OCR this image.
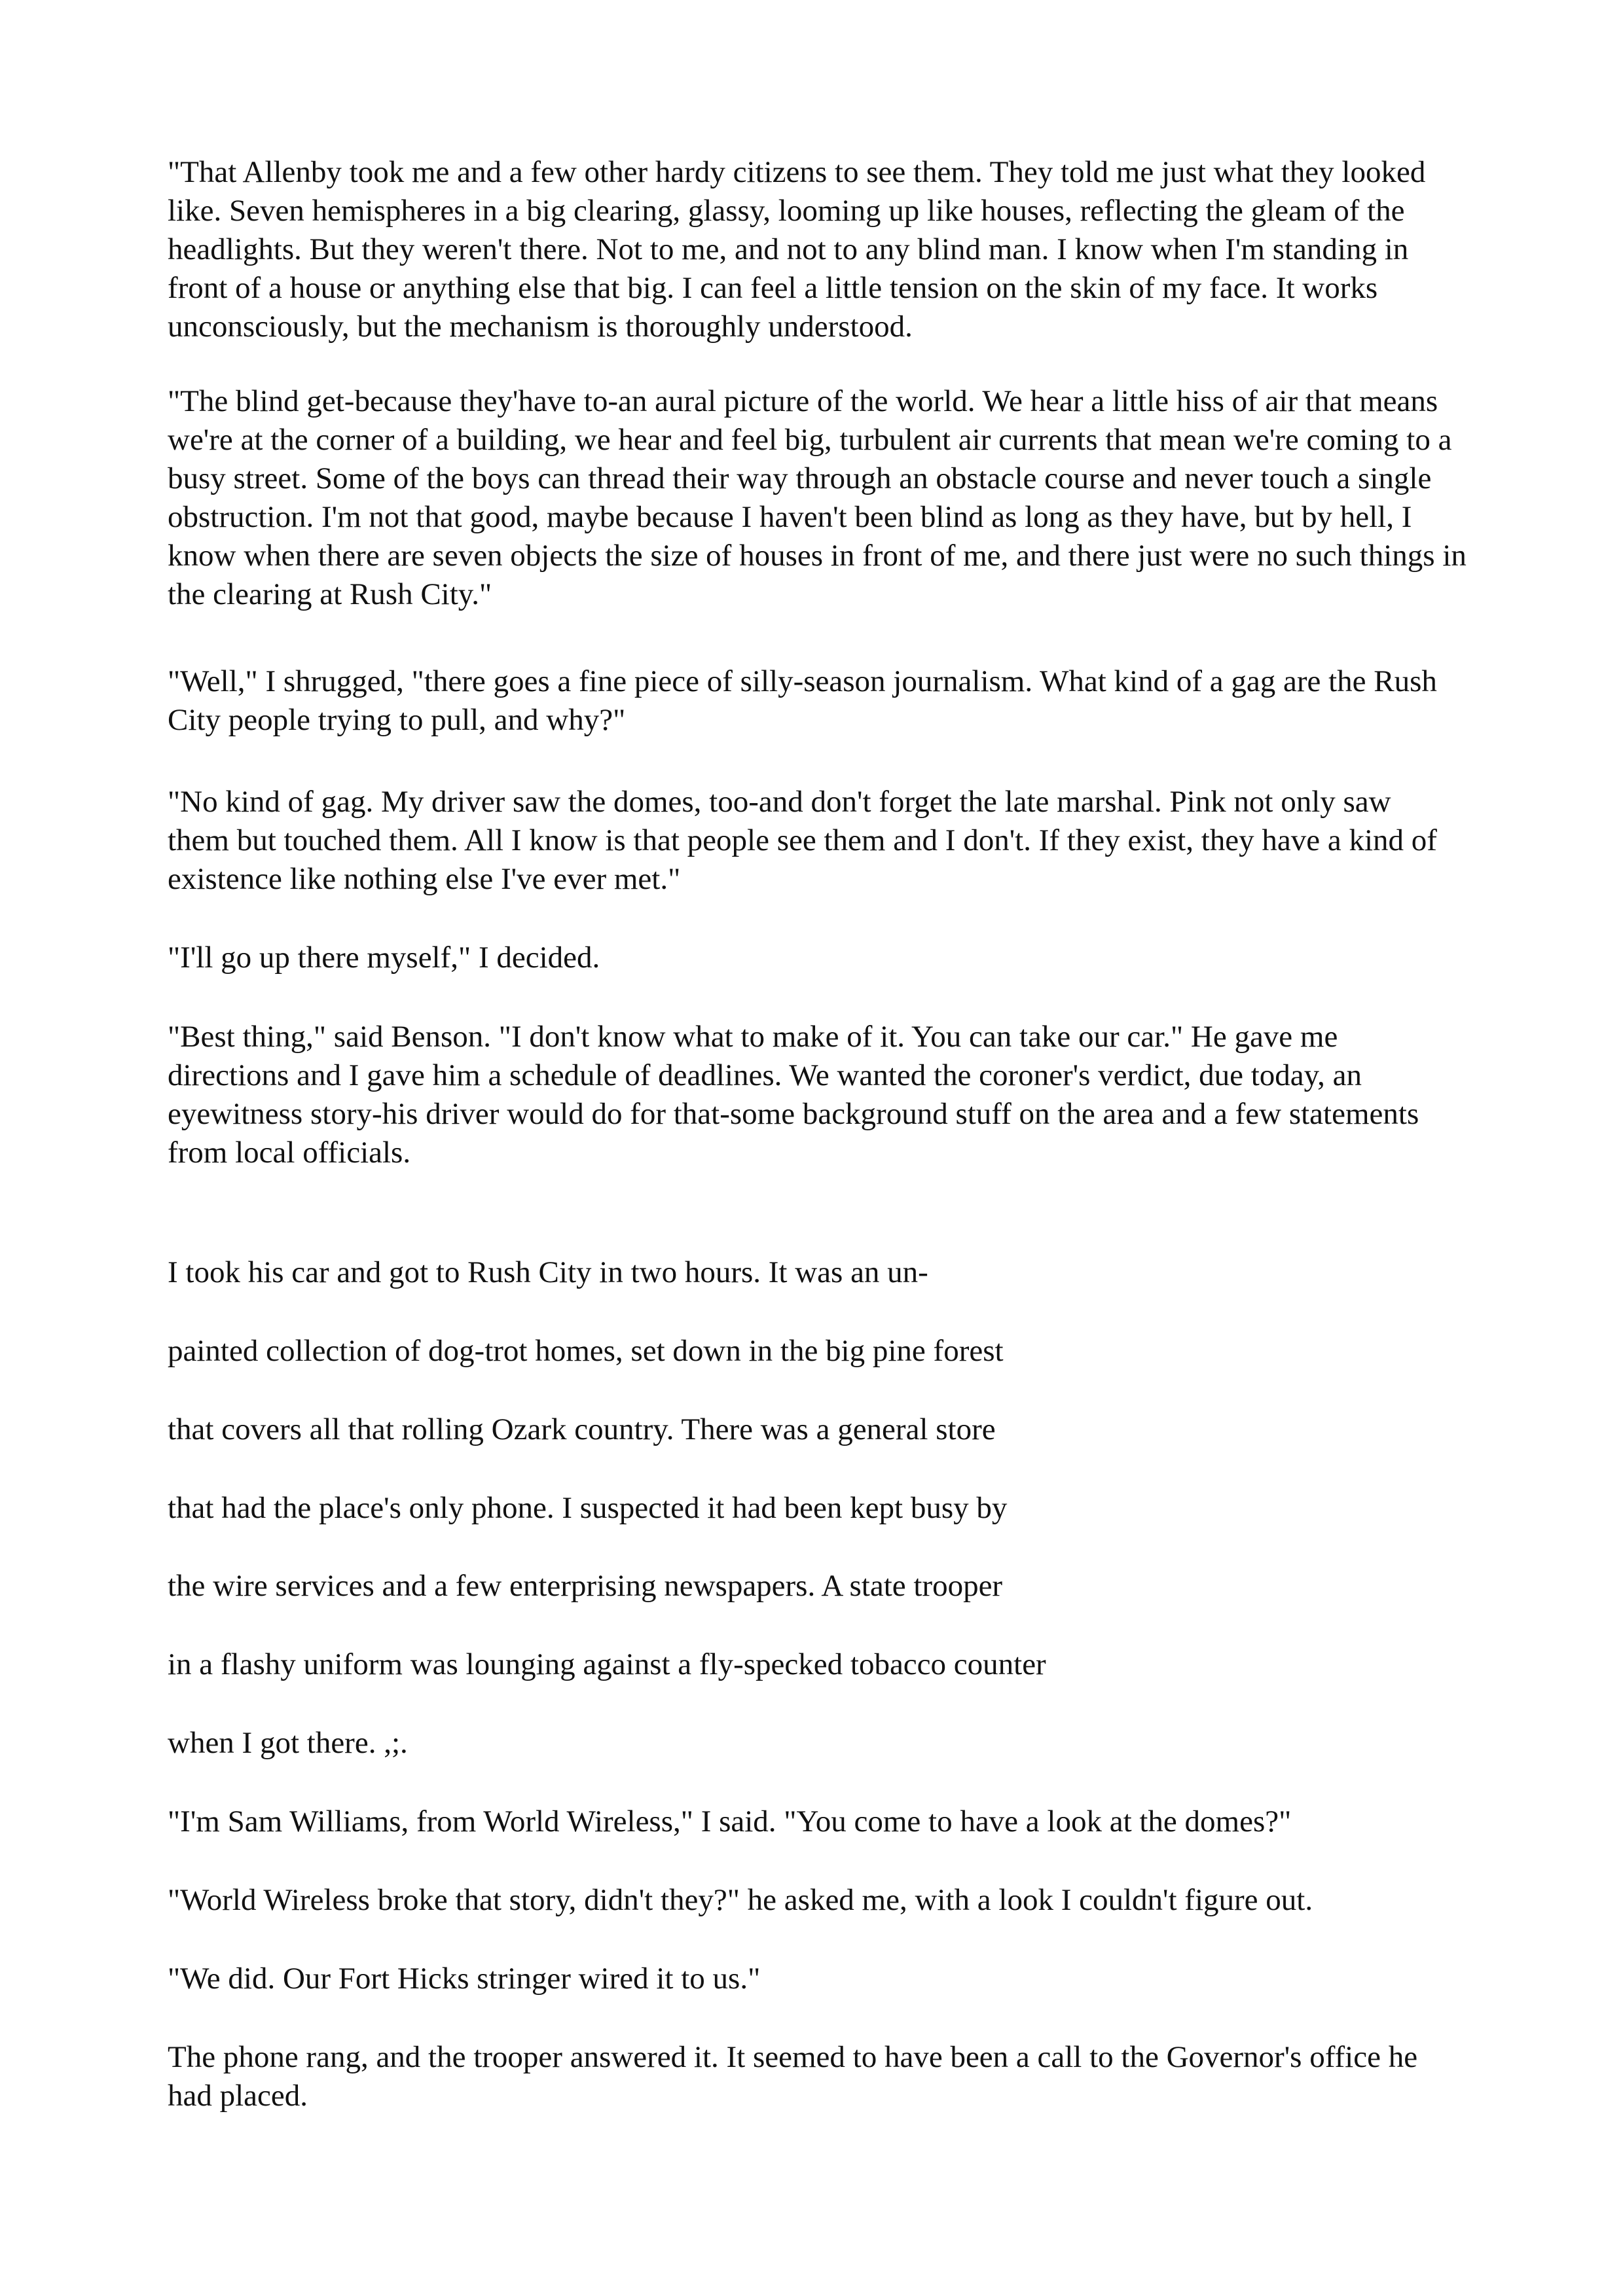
"That Allenby took me and a few other hardy citizens to see them. They told me just what they looked
like. Seven hemispheres in a big clearing, glassy, looming up like houses, reflecting the gleam of the
headlights. But they weren't there. Not to me, and not to any blind man. I know when I'm standing in
front of a house or anything else that big. I can feel a little tension on the skin of my face. It works
unconsciously, but the mechanism is thoroughly understood.

"The blind get-because they'have to-an aural picture of the world. We hear a little hiss of air that means
we're at the corner of a building, we hear and feel big, turbulent air currents that mean we're coming to a
busy street. Some of the boys can thread their way through an obstacle course and never touch a single
obstruction. I'm not that good, maybe because I haven't been blind as long as they have, but by hell, I
know when there are seven objects the size of houses in front of me, and there just were no such things in
the clearing at Rush City."

"Well," I shrugged, "there goes a fine piece of silly-season journalism. What kind of a gag are the Rush
City people trying to pull, and why?"

"No kind of gag. My driver saw the domes, too-and don't forget the late marshal. Pink not only saw
them but touched them. All I know is that people see them and I don't. If they exist, they have a kind of
existence like nothing else I've ever met."

"I'll go up there myself," I decided.

"Best thing," said Benson. "I don't know what to make of it. You can take our car." He gave me
directions and I gave him a schedule of deadlines. We wanted the coroner's verdict, due today, an
eyewitness story-his driver would do for that-some background stuff on the area and a few statements
from local officials.

I took his car and got to Rush City in two hours. It was an un-

painted collection of dog-trot homes, set down in the big pine forest

that covers all that rolling Ozark country. There was a general store

that had the place's only phone. I suspected it had been kept busy by

the wire services and a few enterprising newspapers. A state trooper

in a flashy uniform was lounging against a fly-specked tobacco counter

when I got there. ,;.

"I'm Sam Williams, from World Wireless," I said. "You come to have a look at the domes?"

"World Wireless broke that story, didn't they?" he asked me, with a look I couldn't figure out.

"We did. Our Fort Hicks stringer wired it to us."

The phone rang, and the trooper answered it. It seemed to have been a call to the Governor's office he
had placed.
